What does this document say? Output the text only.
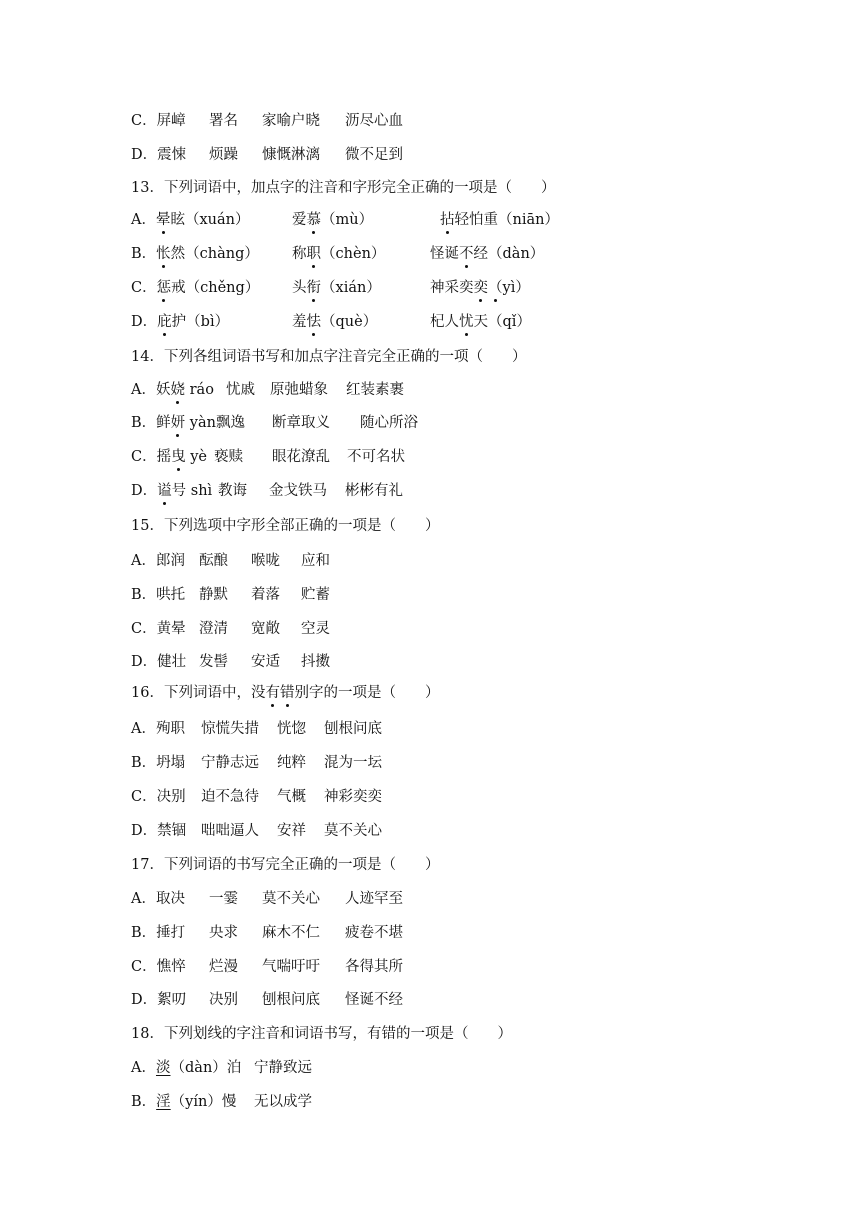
C．屏嶂 署名 家喻户晓 沥尽心血
D．震悚 烦躁 慷慨淋漓 微不足到
13．下列词语中，加点字的注音和字形完全正确的一项是（　　）
A．晕眩（xuán）	爱慕（mù）	拈轻怕重（niān）
B．怅然（chàng） 称职（chèn）	怪诞不经（dàn）
C．惩戒（chěng） 头衔（xián）	神采奕奕（yì）
D．庇护（bì）	羞怯（què）	杞人忧天（qǐ）
14．下列各组词语书写和加点字注音完全正确的一项（　　）
A．妖娆 ráo 忧戚 原弛蜡象 红装素裹
B．鲜妍 yàn 飘逸 断章取义 随心所浴
C．摇曳 yè 亵赎 眼花潦乱 不可名状
D．谥号 shì 教诲 金戈铁马 彬彬有礼
15．下列选项中字形全部正确的一项是（　　）
A．郎润 酝酿 喉咙 应和
B．哄托 静默 着落 贮蓄
C．黄晕 澄清 宽敞 空灵
D．健壮 发髻 安适 抖擞
16．下列词语中，没有错别字的一项是（　　 ）
A．殉职 惊慌失措 恍惚 刨根问底
B．坍塌 宁静志远 纯粹 混为一坛
C．决别 迫不急待 气概 神彩奕奕
D．禁锢 咄咄逼人 安祥 莫不关心
17．下列词语的书写完全正确的一项是（　　）
A．取决 一霎 莫不关心 人迹罕至
B．捶打 央求 麻木不仁 疲卷不堪
C．憔悴 烂漫 气喘吁吁 各得其所
D．絮叨 决别 刨根问底 怪诞不经
18．下列划线的字注音和词语书写，有错的一项是（　　）
A．淡（dàn）泊 宁静致远
B．淫（yín）慢 无以成学
